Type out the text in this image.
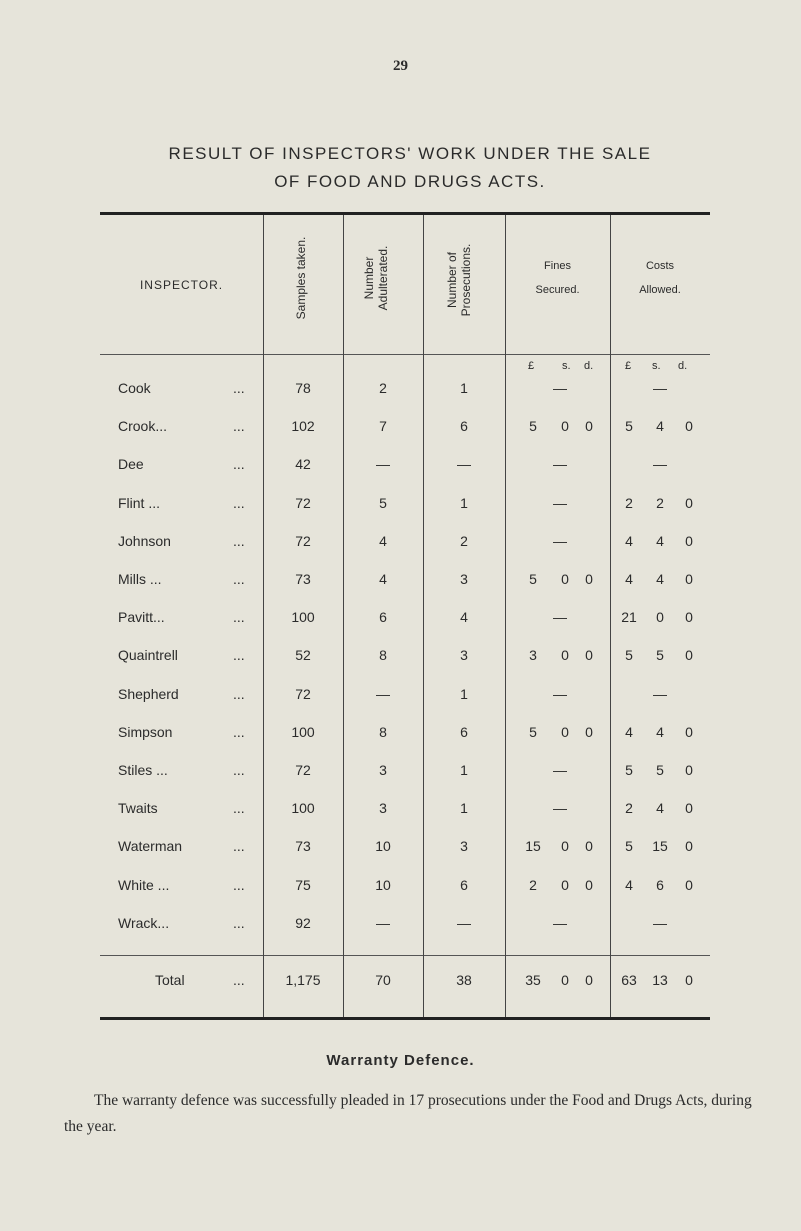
29
RESULT OF INSPECTORS' WORK UNDER THE SALE
OF FOOD AND DRUGS ACTS.
INSPECTOR.	Samples taken.	Number Adulterated.	Number of Prosecutions.	Fines
Secured.
Costs
Allowed.
£	s. d.	£ s. d.
Cook	...	78	2	1	—	—
Crook...	...	102	7	6	5	0	0	5	4	0
Dee	...	42	—	—	—	—
Flint ...	...	72	5	1	—	2	2	0
Johnson	...	72	4	2	—	4	4	0
Mills ...	...	73	4	3	5	0	0	4	4	0
Pavitt...	...	100	6	4	—	21	0	0
Quaintrell	...	52	8	3	3	0	0	5	5	0
Shepherd	...	72	—	1	—	—
Simpson	...	100	8	6	5	0	0	4	4	0
Stiles ...	...	72	3	1	—	5	5	0
Twaits	...	100	3	1	—	2	4	0
Waterman	...	73	10	3	15	0	0	5	15	0
White ...	...	75	10	6	2	0	0	4	6	0
Wrack...	...	92	—	—	—	—
Total	...	1,175	70	38	35	0	0	63	13	0
Warranty Defence.
The warranty defence was successfully pleaded in 17 prosecutions under the Food and Drugs Acts, during the year.
